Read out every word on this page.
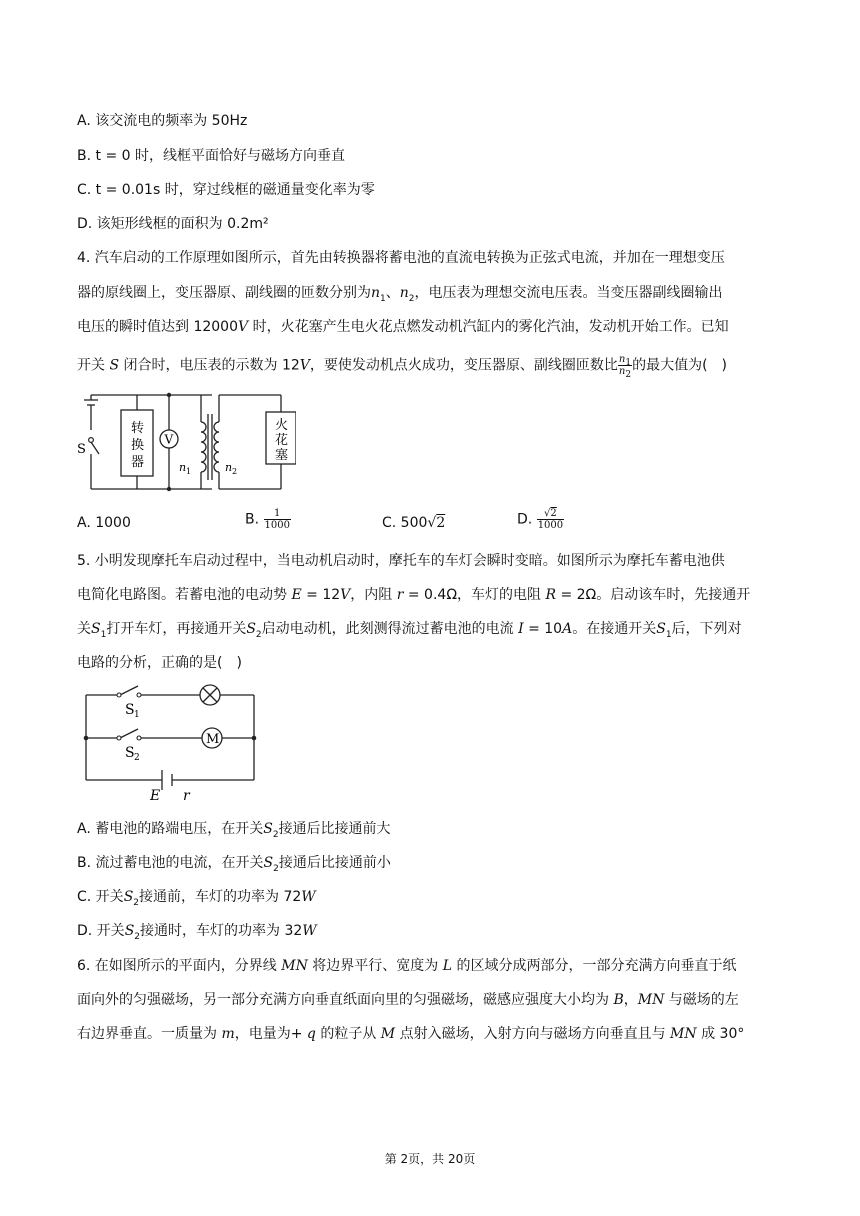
A. 该交流电的频率为 50Hz
B. t = 0 时，线框平面恰好与磁场方向垂直
C. t = 0.01s 时，穿过线框的磁通量变化率为零
D. 该矩形线框的面积为 0.2m²
4. 汽车启动的工作原理如图所示，首先由转换器将蓄电池的直流电转换为正弦式电流，并加在一理想变压
器的原线圈上，变压器原、副线圈的匝数分别为$n_1$、$n_2$，电压表为理想交流电压表。当变压器副线圈输出
电压的瞬时值达到 12000V 时，火花塞产生电火花点燃发动机汽缸内的雾化汽油，发动机开始工作。已知
开关 S 闭合时，电压表的示数为 12V，要使发动机点火成功，变压器原、副线圈匝数比 $\frac{n_1}{n_2}$ 的最大值为(　)
V
S
转
换
器	n 1	n 2
火
花
塞
A. 1000	B. $\frac{1}{1000}$	C. 500√2	D. $\frac{√2}{1000}$
5. 小明发现摩托车启动过程中，当电动机启动时，摩托车的车灯会瞬时变暗。如图所示为摩托车蓄电池供
电简化电路图。若蓄电池的电动势 E = 12V，内阻 r = 0.4Ω，车灯的电阻 R = 2Ω。启动该车时，先接通开
关$S_1$打开车灯，再接通开关$S_2$启动电动机，此刻测得流过蓄电池的电流 I = 10A。在接通开关$S_1$后，下列对
电路的分析，正确的是(　)
M
S 1
S 2
E r
A. 蓄电池的路端电压，在开关$S_2$接通后比接通前大
B. 流过蓄电池的电流，在开关$S_2$接通后比接通前小
C. 开关$S_2$接通前，车灯的功率为 72W
D. 开关$S_2$接通时，车灯的功率为 32W
6. 在如图所示的平面内，分界线 MN 将边界平行、宽度为 L 的区域分成两部分，一部分充满方向垂直于纸
面向外的匀强磁场，另一部分充满方向垂直纸面向里的匀强磁场，磁感应强度大小均为 B，MN 与磁场的左
右边界垂直。一质量为 m，电量为+ q 的粒子从 M 点射入磁场，入射方向与磁场方向垂直且与 MN 成 30°
第 2页，共 20页
